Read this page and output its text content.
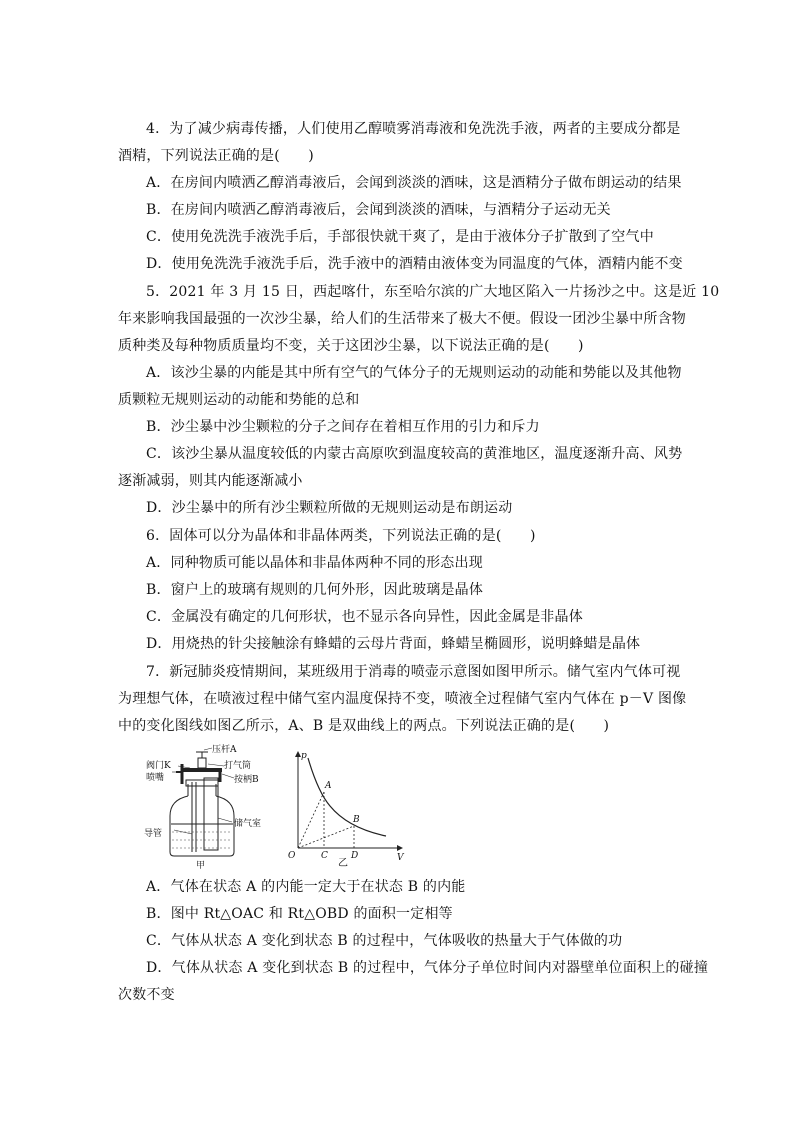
4．为了减少病毒传播，人们使用乙醇喷雾消毒液和免洗洗手液，两者的主要成分都是
酒精，下列说法正确的是(　　)
A．在房间内喷洒乙醇消毒液后，会闻到淡淡的酒味，这是酒精分子做布朗运动的结果
B．在房间内喷洒乙醇消毒液后，会闻到淡淡的酒味，与酒精分子运动无关
C．使用免洗洗手液洗手后，手部很快就干爽了，是由于液体分子扩散到了空气中
D．使用免洗洗手液洗手后，洗手液中的酒精由液体变为同温度的气体，酒精内能不变
5．2021 年 3 月 15 日，西起喀什，东至哈尔滨的广大地区陷入一片扬沙之中。这是近 10
年来影响我国最强的一次沙尘暴，给人们的生活带来了极大不便。假设一团沙尘暴中所含物
质种类及每种物质质量均不变，关于这团沙尘暴，以下说法正确的是(　　)
A．该沙尘暴的内能是其中所有空气的气体分子的无规则运动的动能和势能以及其他物
质颗粒无规则运动的动能和势能的总和
B．沙尘暴中沙尘颗粒的分子之间存在着相互作用的引力和斥力
C．该沙尘暴从温度较低的内蒙古高原吹到温度较高的黄淮地区，温度逐渐升高、风势
逐渐减弱，则其内能逐渐减小
D．沙尘暴中的所有沙尘颗粒所做的无规则运动是布朗运动
6．固体可以分为晶体和非晶体两类，下列说法正确的是(　　)
A．同种物质可能以晶体和非晶体两种不同的形态出现
B．窗户上的玻璃有规则的几何外形，因此玻璃是晶体
C．金属没有确定的几何形状，也不显示各向异性，因此金属是非晶体
D．用烧热的针尖接触涂有蜂蜡的云母片背面，蜂蜡呈椭圆形，说明蜂蜡是晶体
7．新冠肺炎疫情期间，某班级用于消毒的喷壶示意图如图甲所示。储气室内气体可视
为理想气体，在喷液过程中储气室内温度保持不变，喷液全过程储气室内气体在 p－V 图像
中的变化图线如图乙所示，A、B 是双曲线上的两点。下列说法正确的是(　　)
阀门K
喷嘴
压杆A
打气筒
按柄B
导管
储气室
甲
p
V
O
A
B
C	D
乙
A．气体在状态 A 的内能一定大于在状态 B 的内能
B．图中 Rt△OAC 和 Rt△OBD 的面积一定相等
C．气体从状态 A 变化到状态 B 的过程中，气体吸收的热量大于气体做的功
D．气体从状态 A 变化到状态 B 的过程中，气体分子单位时间内对器壁单位面积上的碰撞
次数不变
